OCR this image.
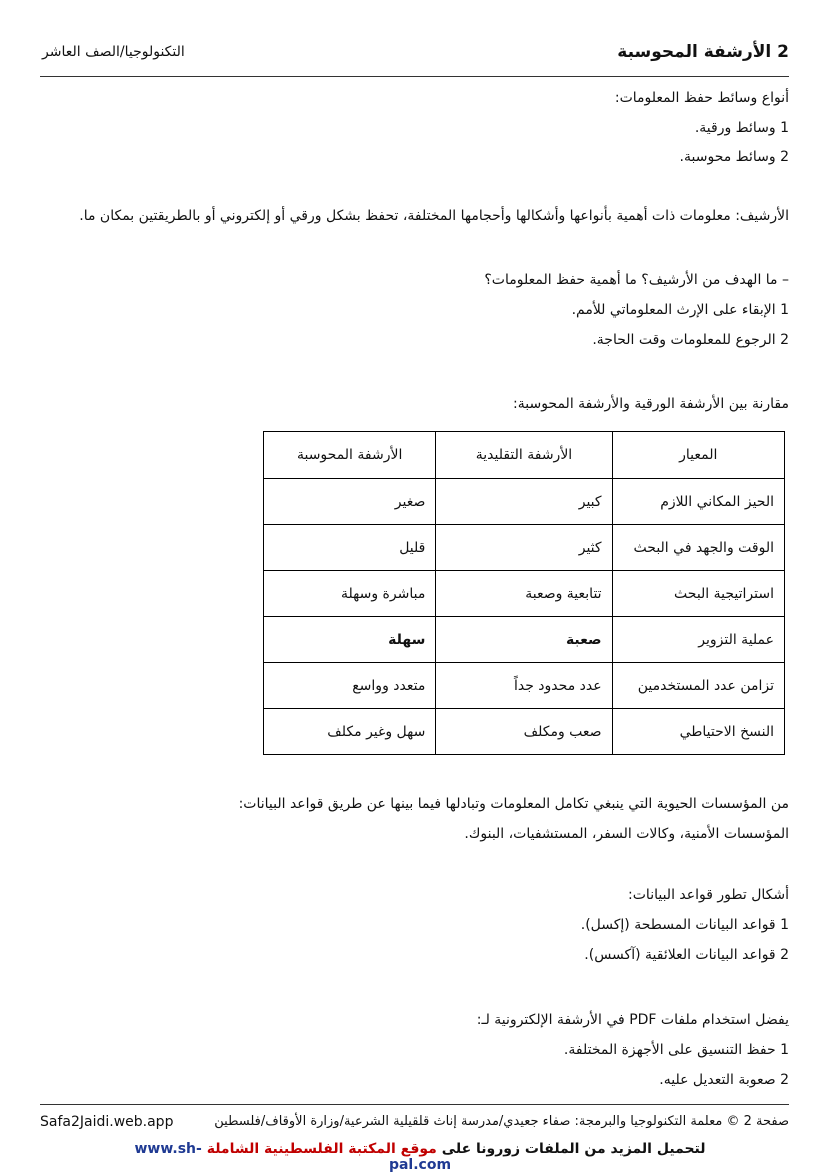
2 الأرشفة المحوسبة
التكنولوجيا/الصف العاشر
أنواع وسائط حفظ المعلومات:
1 وسائط ورقية.
2 وسائط محوسبة.
الأرشيف: معلومات ذات أهمية بأنواعها وأشكالها وأحجامها المختلفة، تحفظ بشكل ورقي أو إلكتروني أو بالطريقتين بمكان ما.
– ما الهدف من الأرشيف؟ ما أهمية حفظ المعلومات؟
1 الإبقاء على الإرث المعلوماتي للأمم.
2 الرجوع للمعلومات وقت الحاجة.
مقارنة بين الأرشفة الورقية والأرشفة المحوسبة:
المعيار	الأرشفة التقليدية	الأرشفة المحوسبة
الحيز المكاني اللازم	كبير	صغير
الوقت والجهد في البحث	كثير	قليل
استراتيجية البحث	تتابعية وصعبة	مباشرة وسهلة
عملية التزوير	صعبة	سهلة
تزامن عدد المستخدمين	عدد محدود جداً	متعدد وواسع
النسخ الاحتياطي	صعب ومكلف	سهل وغير مكلف
من المؤسسات الحيوية التي ينبغي تكامل المعلومات وتبادلها فيما بينها عن طريق قواعد البيانات:
المؤسسات الأمنية، وكالات السفر، المستشفيات، البنوك.
أشكال تطور قواعد البيانات:
1 قواعد البيانات المسطحة (إكسل).
2 قواعد البيانات العلائقية (آكسس).
يفضل استخدام ملفات PDF في الأرشفة الإلكترونية لـ:
1 حفظ التنسيق على الأجهزة المختلفة.
2 صعوبة التعديل عليه.
صفحة 2 © معلمة التكنولوجيا والبرمجة: صفاء جعيدي/مدرسة إناث قلقيلية الشرعية/وزارة الأوقاف/فلسطين
Safa2Jaidi.web.app
لتحميل المزيد من الملفات زورونا على موقع المكتبة الفلسطينية الشاملة www.sh-pal.com
